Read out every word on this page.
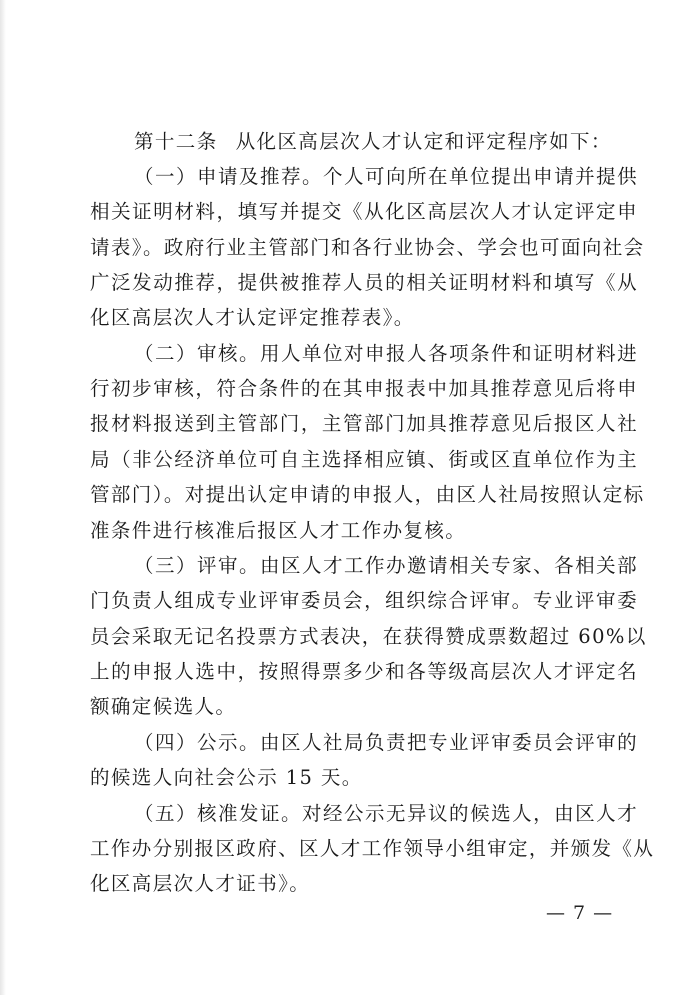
第十二条 从化区高层次人才认定和评定程序如下：
（一）申请及推荐。个人可向所在单位提出申请并提供
相关证明材料，填写并提交《从化区高层次人才认定评定申
请表》。政府行业主管部门和各行业协会、学会也可面向社会
广泛发动推荐，提供被推荐人员的相关证明材料和填写《从
化区高层次人才认定评定推荐表》。
（二）审核。用人单位对申报人各项条件和证明材料进
行初步审核，符合条件的在其申报表中加具推荐意见后将申
报材料报送到主管部门，主管部门加具推荐意见后报区人社
局（非公经济单位可自主选择相应镇、街或区直单位作为主
管部门）。对提出认定申请的申报人，由区人社局按照认定标
准条件进行核准后报区人才工作办复核。
（三）评审。由区人才工作办邀请相关专家、各相关部
门负责人组成专业评审委员会，组织综合评审。专业评审委
员会采取无记名投票方式表决，在获得赞成票数超过 60%以
上的申报人选中，按照得票多少和各等级高层次人才评定名
额确定候选人。
（四）公示。由区人社局负责把专业评审委员会评审的
的候选人向社会公示 15 天。
（五）核准发证。对经公示无异议的候选人，由区人才
工作办分别报区政府、区人才工作领导小组审定，并颁发《从
化区高层次人才证书》。
— 7 —
